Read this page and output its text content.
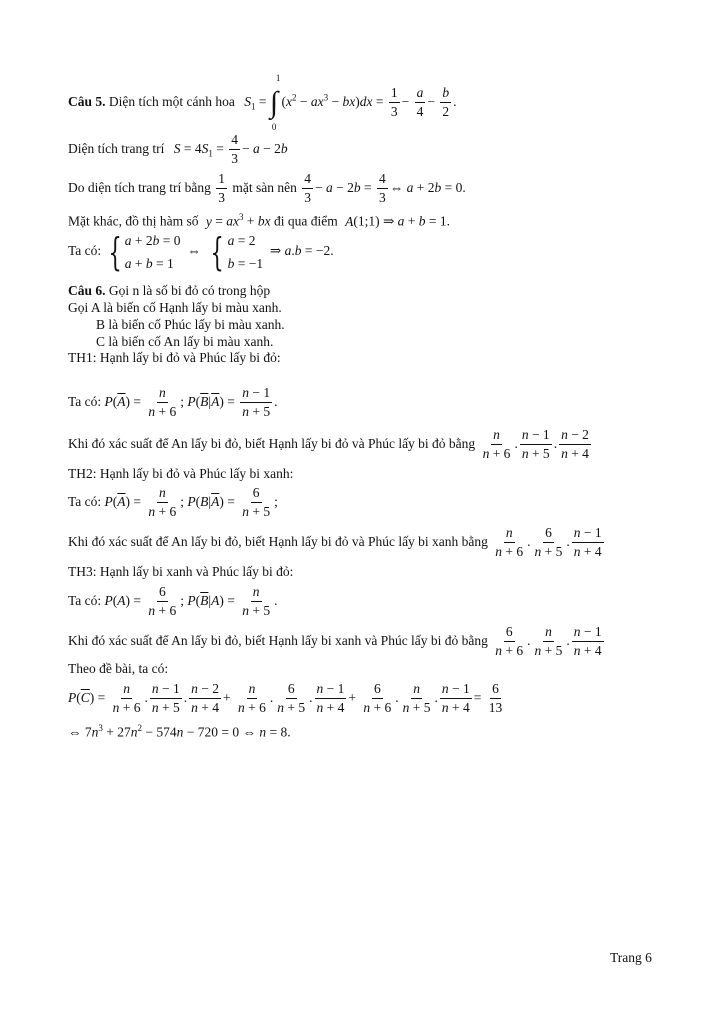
Câu 5. Diện tích một cánh hoa $S_1$ =
1
∫
0
$(x^2 - ax^3 - bx)dx = \frac{1}{3} - \frac{a}{4} - \frac{b}{2}$ .
Diện tích trang trí $S = 4S_1 = \frac{4}{3} - a - 2b$
Do diện tích trang trí bằng $\frac{1}{3}$ mặt sàn nên $\frac{4}{3} - a - 2b = \frac{4}{3}$ ⇔ a + 2b = 0.
Mặt khác, đồ thị hàm số $y = ax^3$ + bx đi qua điểm A(1;1) ⇒ a + b = 1.
Ta có: { a + 2b = 0
a + b = 1
⇔ { a = 2
b = −1
⇒ a.b = −2.
Câu 6. Gọi n là số bi đỏ có trong hộp
Gọi A là biến cố Hạnh lấy bi màu xanh.
B là biến cố Phúc lấy bi màu xanh.
C là biến cố An lấy bi màu xanh.
TH1: Hạnh lấy bi đỏ và Phúc lấy bi đỏ:
Ta có: $P(\overline{A}) = \frac{n}{n + 6}$ ; $P(\overline{B}|\overline{A}) = \frac{n - 1}{n + 5}$ .
Khi đó xác suất để An lấy bi đỏ, biết Hạnh lấy bi đỏ và Phúc lấy bi đỏ bằng $\frac{n}{n + 6}$ . $\frac{n - 1}{n + 5}$ . $\frac{n - 2}{n + 4}$
TH2: Hạnh lấy bi đỏ và Phúc lấy bi xanh:
Ta có: $P(\overline{A}) = \frac{n}{n + 6}$ ; $P(B|\overline{A}) = \frac{6}{n + 5}$ ;
Khi đó xác suất để An lấy bi đỏ, biết Hạnh lấy bi đỏ và Phúc lấy bi xanh bằng $\frac{n}{n + 6}$ . $\frac{6}{n + 5}$ . $\frac{n - 1}{n + 4}$
TH3: Hạnh lấy bi xanh và Phúc lấy bi đỏ:
Ta có: $P(A) = \frac{6}{n + 6}$ ; $P(\overline{B}|A) = \frac{n}{n + 5}$ .
Khi đó xác suất để An lấy bi đỏ, biết Hạnh lấy bi xanh và Phúc lấy bi đỏ bằng $\frac{6}{n + 6}$ . $\frac{n}{n + 5}$ . $\frac{n - 1}{n + 4}$
Theo đề bài, ta có:
$P(\overline{C}) = \frac{n}{n + 6}$ . $\frac{n - 1}{n + 5}$ . $\frac{n - 2}{n + 4} + \frac{n}{n + 6}$ . $\frac{6}{n + 5}$ . $\frac{n - 1}{n + 4} + \frac{6}{n + 6}$ . $\frac{n}{n + 5}$ . $\frac{n - 1}{n + 4} = \frac{6}{13}$
⇔ $7n^3 + 27n^2 - 574n - 720 = 0$ ⇔ n = 8.
Trang 6
